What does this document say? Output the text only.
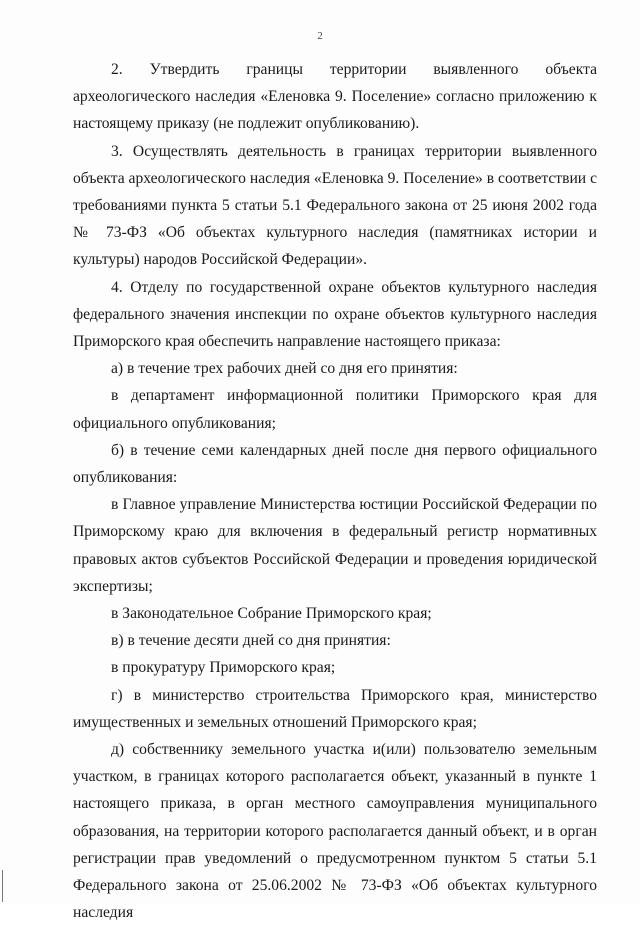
2

2. Утвердить границы территории выявленного объекта археологического наследия «Еленовка 9. Поселение» согласно приложению к настоящему приказу (не подлежит опубликованию).

3. Осуществлять деятельность в границах территории выявленного объекта археологического наследия «Еленовка 9. Поселение» в соответствии с требованиями пункта 5 статьи 5.1 Федерального закона от 25 июня 2002 года № 73-ФЗ «Об объектах культурного наследия (памятниках истории и культуры) народов Российской Федерации».

4. Отделу по государственной охране объектов культурного наследия федерального значения инспекции по охране объектов культурного наследия Приморского края обеспечить направление настоящего приказа:

а) в течение трех рабочих дней со дня его принятия:

в департамент информационной политики Приморского края для официального опубликования;

б) в течение семи календарных дней после дня первого официального опубликования:

в Главное управление Министерства юстиции Российской Федерации по Приморскому краю для включения в федеральный регистр нормативных правовых актов субъектов Российской Федерации и проведения юридической экспертизы;

в Законодательное Собрание Приморского края;

в) в течение десяти дней со дня принятия:

в прокуратуру Приморского края;

г) в министерство строительства Приморского края, министерство имущественных и земельных отношений Приморского края;

д) собственнику земельного участка и(или) пользователю земельным участком, в границах которого располагается объект, указанный в пункте 1 настоящего приказа, в орган местного самоуправления муниципального образования, на территории которого располагается данный объект, и в орган регистрации прав уведомлений о предусмотренном пунктом 5 статьи 5.1 Федерального закона от 25.06.2002 № 73-ФЗ «Об объектах культурного наследия
